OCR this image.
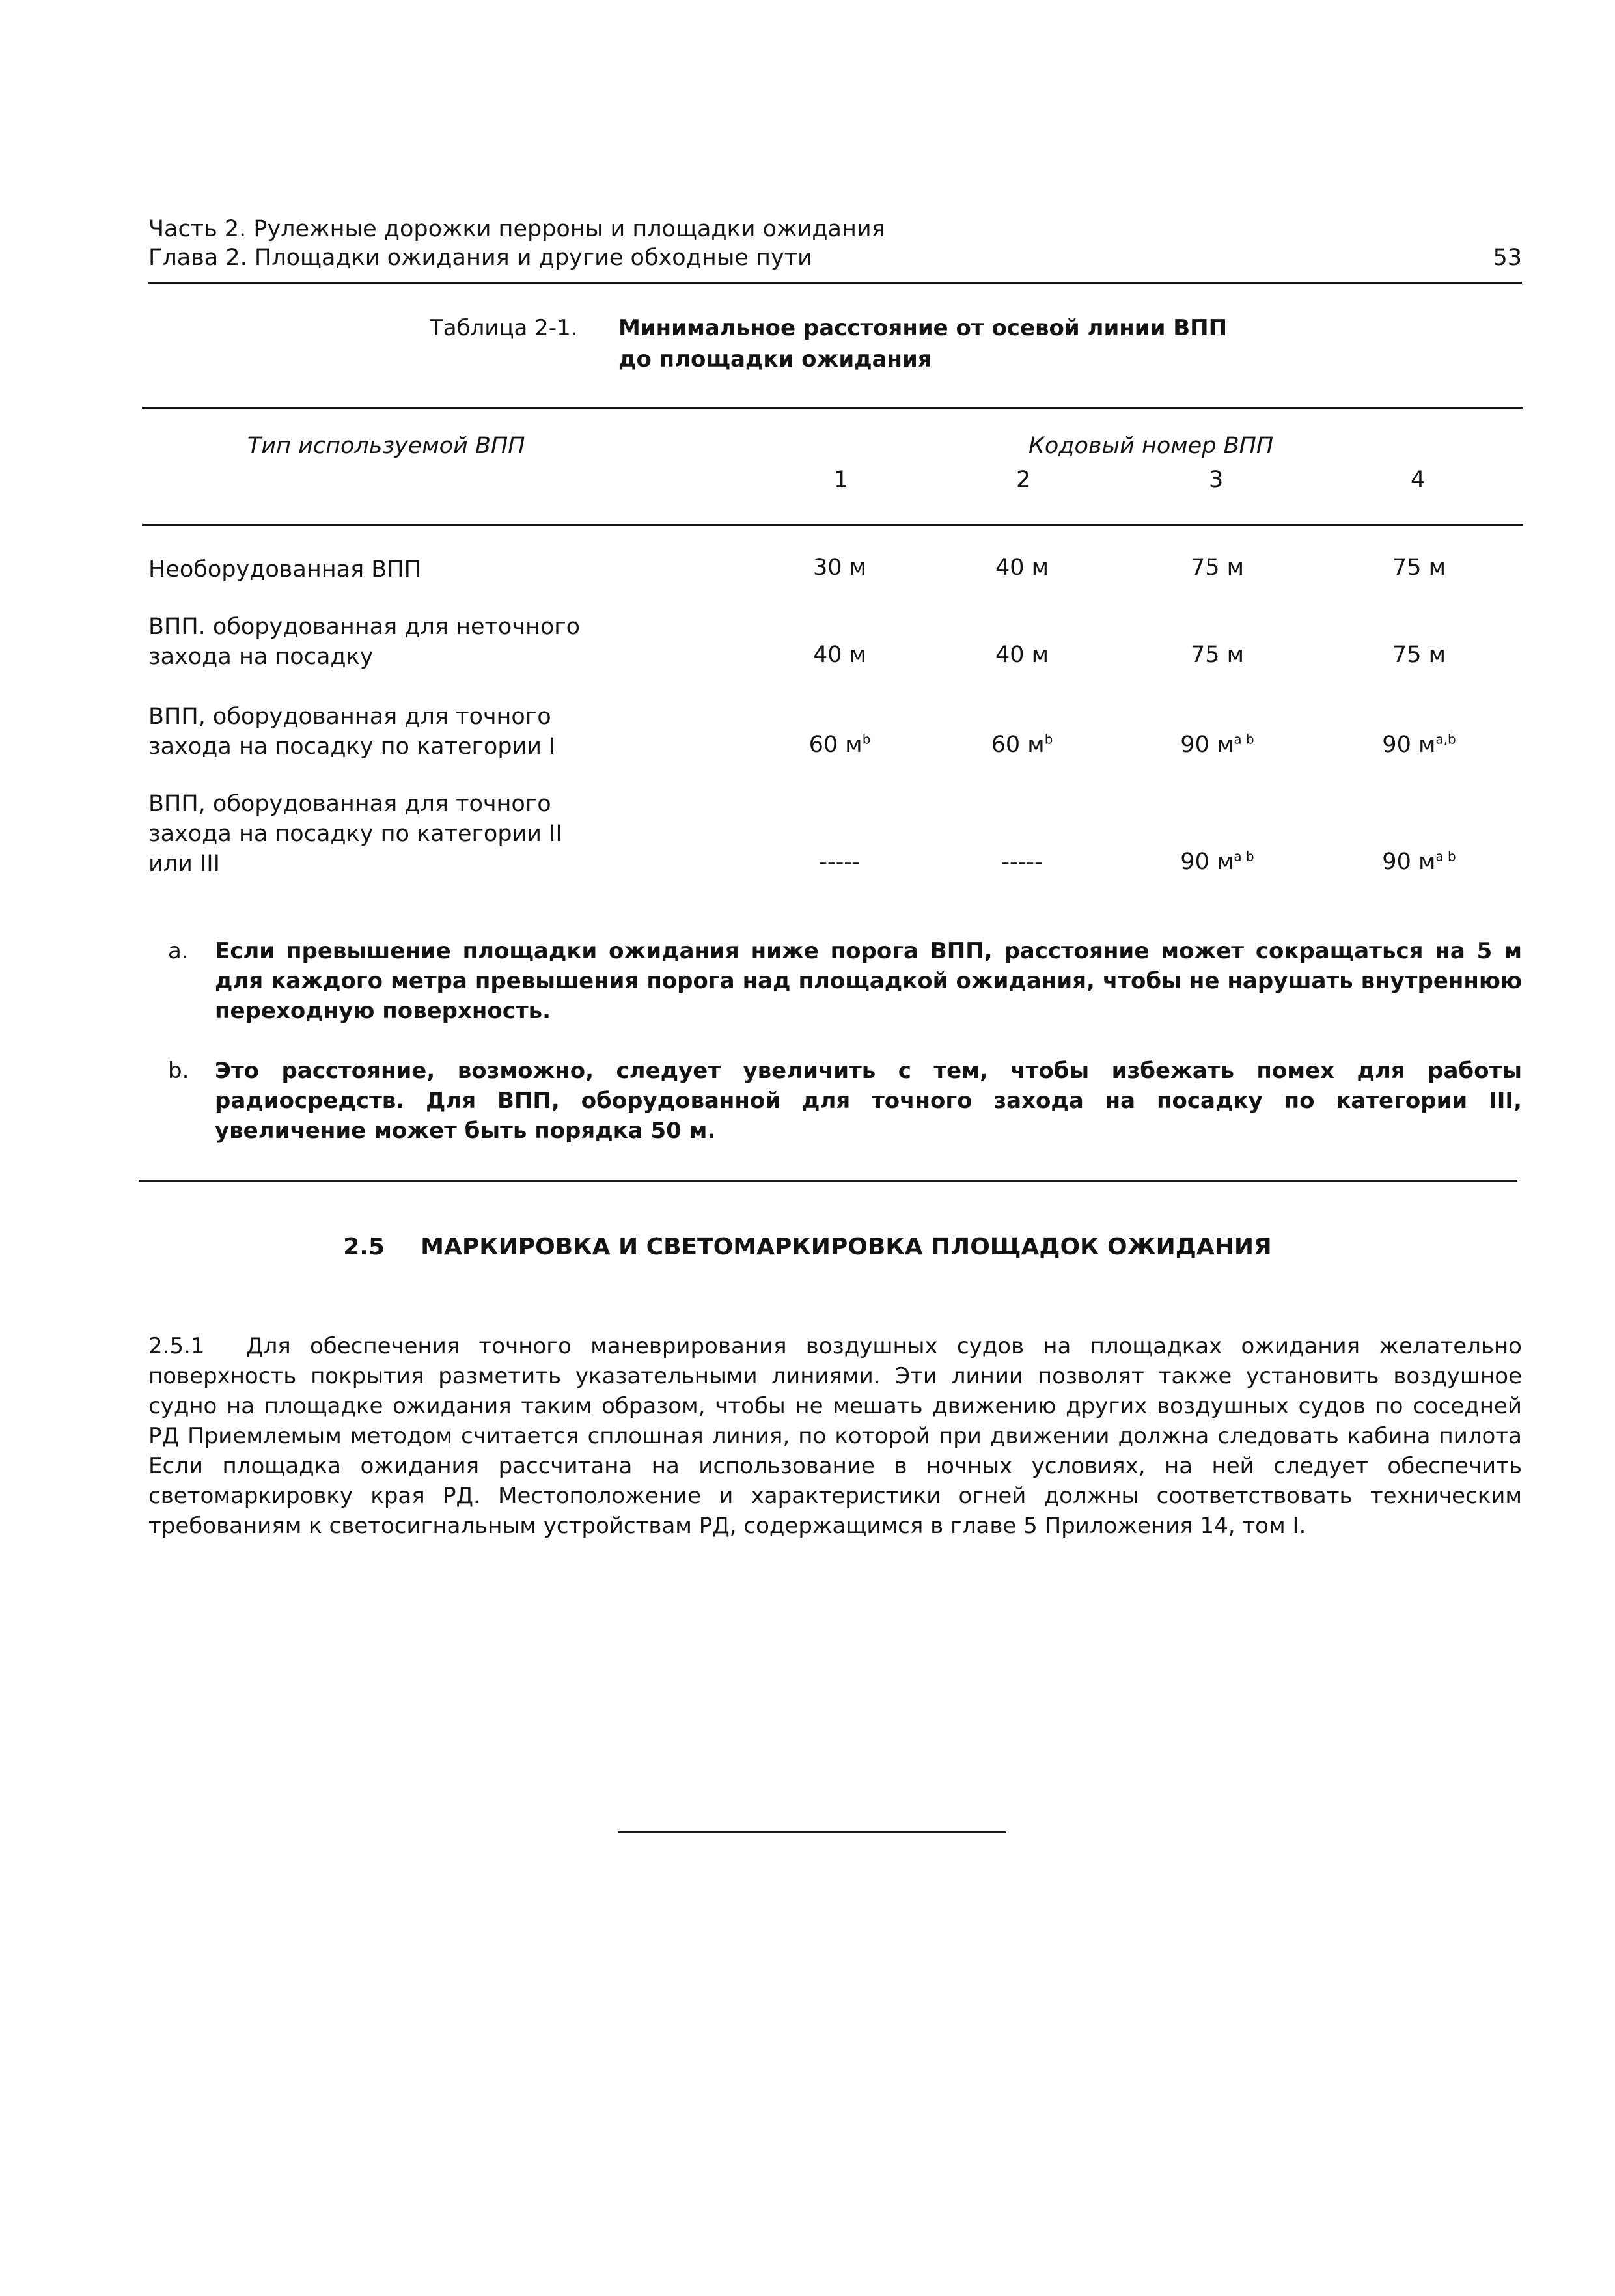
Часть 2. Рулежные дорожки перроны и площадки ожидания
Глава 2. Площадки ожидания и другие обходные пути	53
Таблица 2-1. Минимальное расстояние от осевой линии ВПП
до площадки ожидания
Тип используемой ВПП	Кодовый номер ВПП
1	2	3	4
Необорудованная ВПП	30 м	40 м	75 м	75 м
ВПП. оборудованная для неточного
захода на посадку	40 м	40 м	75 м	75 м
ВПП, оборудованная для точного
захода на посадку по категории I	60 $м^b$	60 $м^b$	90 $м^{a b}$	90 $м^{a,b}$
ВПП, оборудованная для точного
захода на посадку по категории II
или III	-----	-----	90 $м^{a b}$	90 $м^{a b}$
a. Если превышение площадки ожидания ниже порога ВПП, расстояние может сокращаться на 5 м для каждого метра превышения порога над площадкой ожидания, чтобы не нарушать внутреннюю переходную поверхность.
b. Это расстояние, возможно, следует увеличить с тем, чтобы избежать помех для работы радиосредств. Для ВПП, оборудованной для точного захода на посадку по категории III, увеличение может быть порядка 50 м.
2.5 МАРКИРОВКА И СВЕТОМАРКИРОВКА ПЛОЩАДОК ОЖИДАНИЯ
2.5.1 Для обеспечения точного маневрирования воздушных судов на площадках ожидания желательно поверхность покрытия разметить указательными линиями. Эти линии позволят также установить воздушное судно на площадке ожидания таким образом, чтобы не мешать движению других воздушных судов по соседней РД Приемлемым методом считается сплошная линия, по которой при движении должна следовать кабина пилота Если площадка ожидания рассчитана на использование в ночных условиях, на ней следует обеспечить светомаркировку края РД. Местоположение и характеристики огней должны соответствовать техническим требованиям к светосигнальным устройствам РД, содержащимся в главе 5 Приложения 14, том I.
